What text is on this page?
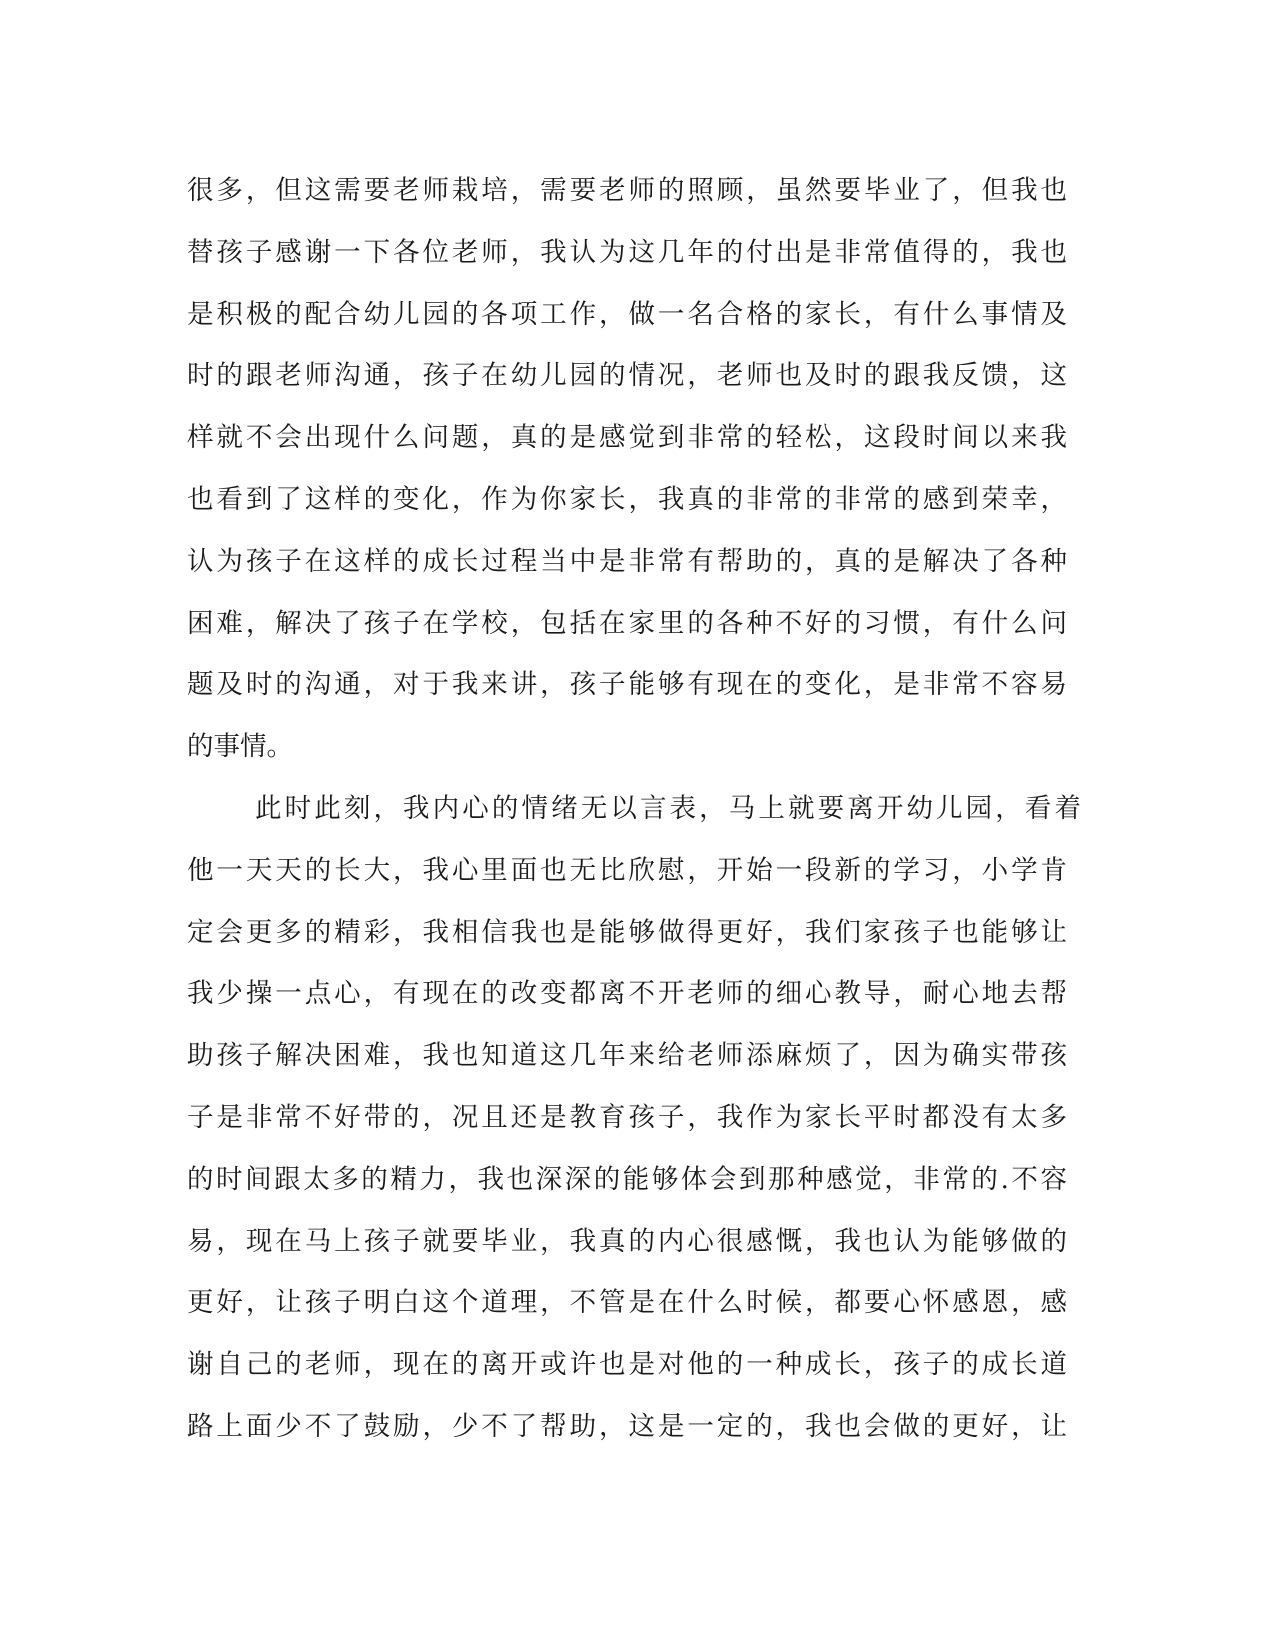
很多，但这需要老师栽培，需要老师的照顾，虽然要毕业了，但我也
替孩子感谢一下各位老师，我认为这几年的付出是非常值得的，我也
是积极的配合幼儿园的各项工作，做一名合格的家长，有什么事情及
时的跟老师沟通，孩子在幼儿园的情况，老师也及时的跟我反馈，这
样就不会出现什么问题，真的是感觉到非常的轻松，这段时间以来我
也看到了这样的变化，作为你家长，我真的非常的非常的感到荣幸，
认为孩子在这样的成长过程当中是非常有帮助的，真的是解决了各种
困难，解决了孩子在学校，包括在家里的各种不好的习惯，有什么问
题及时的沟通，对于我来讲，孩子能够有现在的变化，是非常不容易
的事情。
此时此刻，我内心的情绪无以言表，马上就要离开幼儿园，看着
他一天天的长大，我心里面也无比欣慰，开始一段新的学习，小学肯
定会更多的精彩，我相信我也是能够做得更好，我们家孩子也能够让
我少操一点心，有现在的改变都离不开老师的细心教导，耐心地去帮
助孩子解决困难，我也知道这几年来给老师添麻烦了，因为确实带孩
子是非常不好带的，况且还是教育孩子，我作为家长平时都没有太多
的时间跟太多的精力，我也深深的能够体会到那种感觉，非常的.不容
易，现在马上孩子就要毕业，我真的内心很感慨，我也认为能够做的
更好，让孩子明白这个道理，不管是在什么时候，都要心怀感恩，感
谢自己的老师，现在的离开或许也是对他的一种成长，孩子的成长道
路上面少不了鼓励，少不了帮助，这是一定的，我也会做的更好，让
